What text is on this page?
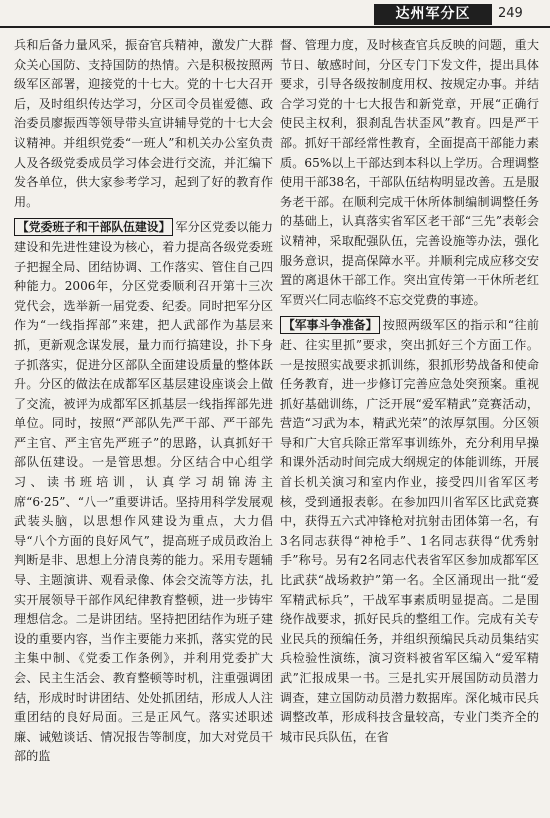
达州军分区	249

兵和后备力量风采，振奋官兵精神，激发广大群众关心国防、支持国防的热情。六是积极按照两级军区部署，迎接党的十七大。党的十七大召开后，及时组织传达学习，分区司令员崔爱德、政治委员廖振西等领导带头宣讲辅导党的十七大会议精神。并组织党委“一班人”和机关办公室负责人及各级党委成员学习体会进行交流，并汇编下发各单位，供大家参考学习，起到了好的教育作用。

【党委班子和干部队伍建设】 军分区党委以能力建设和先进性建设为核心，着力提高各级党委班子把握全局、团结协调、工作落实、管住自己四种能力。2006年，分区党委顺利召开第十三次党代会，选举新一届党委、纪委。同时把军分区作为“一线指挥部”来建，把人武部作为基层来抓，更新观念谋发展，量力而行搞建设，扑下身子抓落实，促进分区部队全面建设质量的整体跃升。分区的做法在成都军区基层建设座谈会上做了交流，被评为成都军区抓基层一线指挥部先进单位。同时，按照“严部队先严干部、严干部先严主官、严主官先严班子”的思路，认真抓好干部队伍建设。一是管思想。分区结合中心组学习、读书班培训，认真学习胡锦涛主席“6·25”、“八一”重要讲话。坚持用科学发展观武装头脑，以思想作风建设为重点，大力倡导“八个方面的良好风气”，提高班子成员政治上判断是非、思想上分清良莠的能力。采用专题辅导、主题演讲、观看录像、体会交流等方法，扎实开展领导干部作风纪律教育整顿，进一步铸牢理想信念。二是讲团结。坚持把团结作为班子建设的重要内容，当作主要能力来抓，落实党的民主集中制、《党委工作条例》，并利用党委扩大会、民主生活会、教育整顿等时机，注重强调团结，形成时时讲团结、处处抓团结，形成人人注重团结的良好局面。三是正风气。落实述职述廉、诫勉谈话、情况报告等制度，加大对党员干部的监

督、管理力度，及时核查官兵反映的问题，重大节日、敏感时间，分区专门下发文件，提出具体要求，引导各级按制度用权、按规定办事。并结合学习党的十七大报告和新党章，开展“正确行使民主权利，狠刹乱告状歪风”教育。四是严干部。抓好干部经常性教育，全面提高干部能力素质。65%以上干部达到本科以上学历。合理调整使用干部38名，干部队伍结构明显改善。五是服务老干部。在顺利完成干休所体制编制调整任务的基础上，认真落实省军区老干部“三先”表彰会议精神，采取配强队伍，完善设施等办法，强化服务意识，提高保障水平。并顺利完成应移交安置的离退休干部工作。突出宣传第一干休所老红军贾兴仁同志临终不忘交党费的事迹。

【军事斗争准备】 按照两级军区的指示和“往前赶、往实里抓”要求，突出抓好三个方面工作。一是按照实战要求抓训练，狠抓形势战备和使命任务教育，进一步修订完善应急处突预案。重视抓好基础训练，广泛开展“爱军精武”竞赛活动，营造“习武为本，精武光荣”的浓厚氛围。分区领导和广大官兵除正常军事训练外，充分利用早操和课外活动时间完成大纲规定的体能训练，开展首长机关演习和室内作业，接受四川省军区考核，受到通报表彰。在参加四川省军区比武竞赛中，获得五六式冲锋枪对抗射击团体第一名，有3名同志获得“神枪手”、1名同志获得“优秀射手”称号。另有2名同志代表省军区参加成都军区比武获“战场救护”第一名。全区涌现出一批“爱军精武标兵”，干战军事素质明显提高。二是围绕作战要求，抓好民兵的整组工作。完成有关专业民兵的预编任务，并组织预编民兵动员集结实兵检验性演练，演习资料被省军区编入“爱军精武”汇报成果一书。三是扎实开展国防动员潜力调查，建立国防动员潜力数据库。深化城市民兵调整改革，形成科技含量较高，专业门类齐全的城市民兵队伍，在省
